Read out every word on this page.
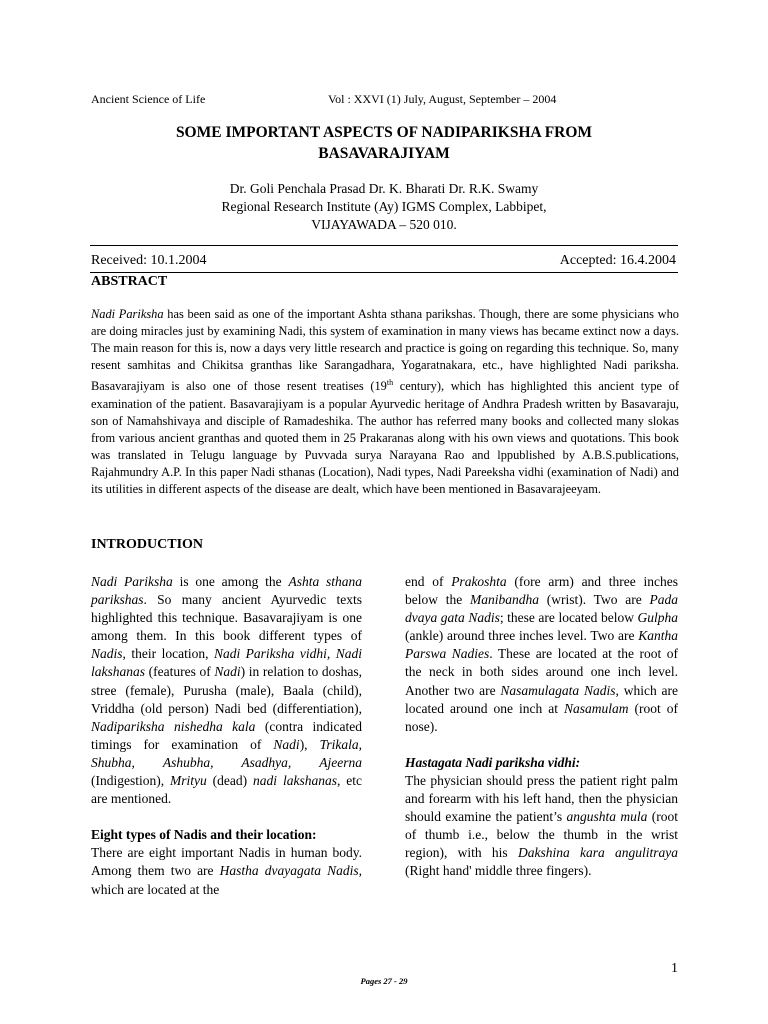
Ancient Science of Life	Vol : XXVI (1) July, August, September – 2004
SOME IMPORTANT ASPECTS OF NADIPARIKSHA FROM
BASAVARAJIYAM
Dr. Goli Penchala Prasad Dr. K. Bharati Dr. R.K. Swamy
Regional Research Institute (Ay) IGMS Complex, Labbipet,
VIJAYAWADA – 520 010.
Received: 10.1.2004	Accepted: 16.4.2004
ABSTRACT

Nadi Pariksha has been said as one of the important Ashta sthana parikshas. Though, there are some physicians who are doing miracles just by examining Nadi, this system of examination in many views has became extinct now a days. The main reason for this is, now a days very little research and practice is going on regarding this technique. So, many resent samhitas and Chikitsa granthas like Sarangadhara, Yogaratnakara, etc., have highlighted Nadi pariksha. Basavarajiyam is also one of those resent treatises (19th century), which has highlighted this ancient type of examination of the patient. Basavarajiyam is a popular Ayurvedic heritage of Andhra Pradesh written by Basavaraju, son of Namahshivaya and disciple of Ramadeshika. The author has referred many books and collected many slokas from various ancient granthas and quoted them in 25 Prakaranas along with his own views and quotations. This book was translated in Telugu language by Puvvada surya Narayana Rao and lppublished by A.B.S.publications, Rajahmundry A.P. In this paper Nadi sthanas (Location), Nadi types, Nadi Pareeksha vidhi (examination of Nadi) and its utilities in different aspects of the disease are dealt, which have been mentioned in Basavarajeeyam.

INTRODUCTION

Nadi Pariksha is one among the Ashta sthana parikshas. So many ancient Ayurvedic texts highlighted this technique. Basavarajiyam is one among them. In this book different types of Nadis, their location, Nadi Pariksha vidhi, Nadi lakshanas (features of Nadi) in relation to doshas, stree (female), Purusha (male), Baala (child), Vriddha (old person) Nadi bed (differentiation), Nadipariksha nishedha kala (contra indicated timings for examination of Nadi), Trikala, Shubha, Ashubha, Asadhya, Ajeerna (Indigestion), Mrityu (dead) nadi lakshanas, etc are mentioned.

Eight types of Nadis and their location:
There are eight important Nadis in human body. Among them two are Hastha dvayagata Nadis, which are located at the

end of Prakoshta (fore arm) and three inches below the Manibandha (wrist). Two are Pada dvaya gata Nadis; these are located below Gulpha (ankle) around three inches level. Two are Kantha Parswa Nadies. These are located at the root of the neck in both sides around one inch level. Another two are Nasamulagata Nadis, which are located around one inch at Nasamulam (root of nose).

Hastagata Nadi pariksha vidhi:
The physician should press the patient right palm and forearm with his left hand, then the physician should examine the patient’s angushta mula (root of thumb i.e., below the thumb in the wrist region), with his Dakshina kara angulitraya (Right hand' middle three fingers).

1
Pages 27 - 29
